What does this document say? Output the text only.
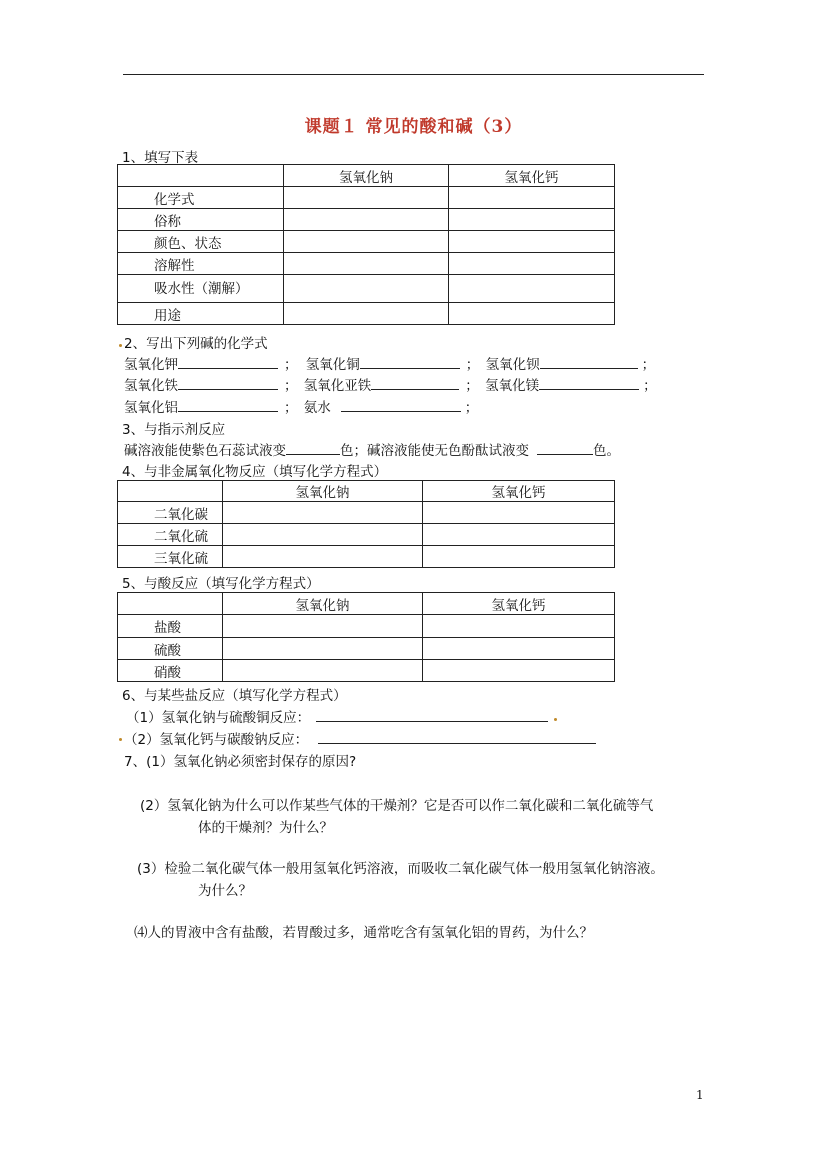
课题１ 常见的酸和碱（3）
1、填写下表
	氢氧化钠	氢氧化钙
化学式		
俗称		
颜色、状态		
溶解性		
吸水性（潮解）		
用途		
2、写出下列碱的化学式
氢氧化钾	； 氢氧化铜	； 氢氧化钡	；
氢氧化铁	； 氢氧化亚铁	； 氢氧化镁	；
氢氧化铝	； 氨水	；
3、与指示剂反应
碱溶液能使紫色石蕊试液变	色；碱溶液能使无色酚酞试液变	色。
4、与非金属氧化物反应（填写化学方程式）
	氢氧化钠	氢氧化钙
二氧化碳		
二氧化硫		
三氧化硫		
5、与酸反应（填写化学方程式）
	氢氧化钠	氢氧化钙
盐酸		
硫酸		
硝酸		
6、与某些盐反应（填写化学方程式）
（1）氢氧化钠与硫酸铜反应：
（2）氢氧化钙与碳酸钠反应：
7、(1）氢氧化钠必须密封保存的原因?
(2）氢氧化钠为什么可以作某些气体的干燥剂？它是否可以作二氧化碳和二氧化硫等气
体的干燥剂？为什么？
(3）检验二氧化碳气体一般用氢氧化钙溶液，而吸收二氧化碳气体一般用氢氧化钠溶液。
为什么？
⑷人的胃液中含有盐酸，若胃酸过多，通常吃含有氢氧化铝的胃药，为什么？
1
